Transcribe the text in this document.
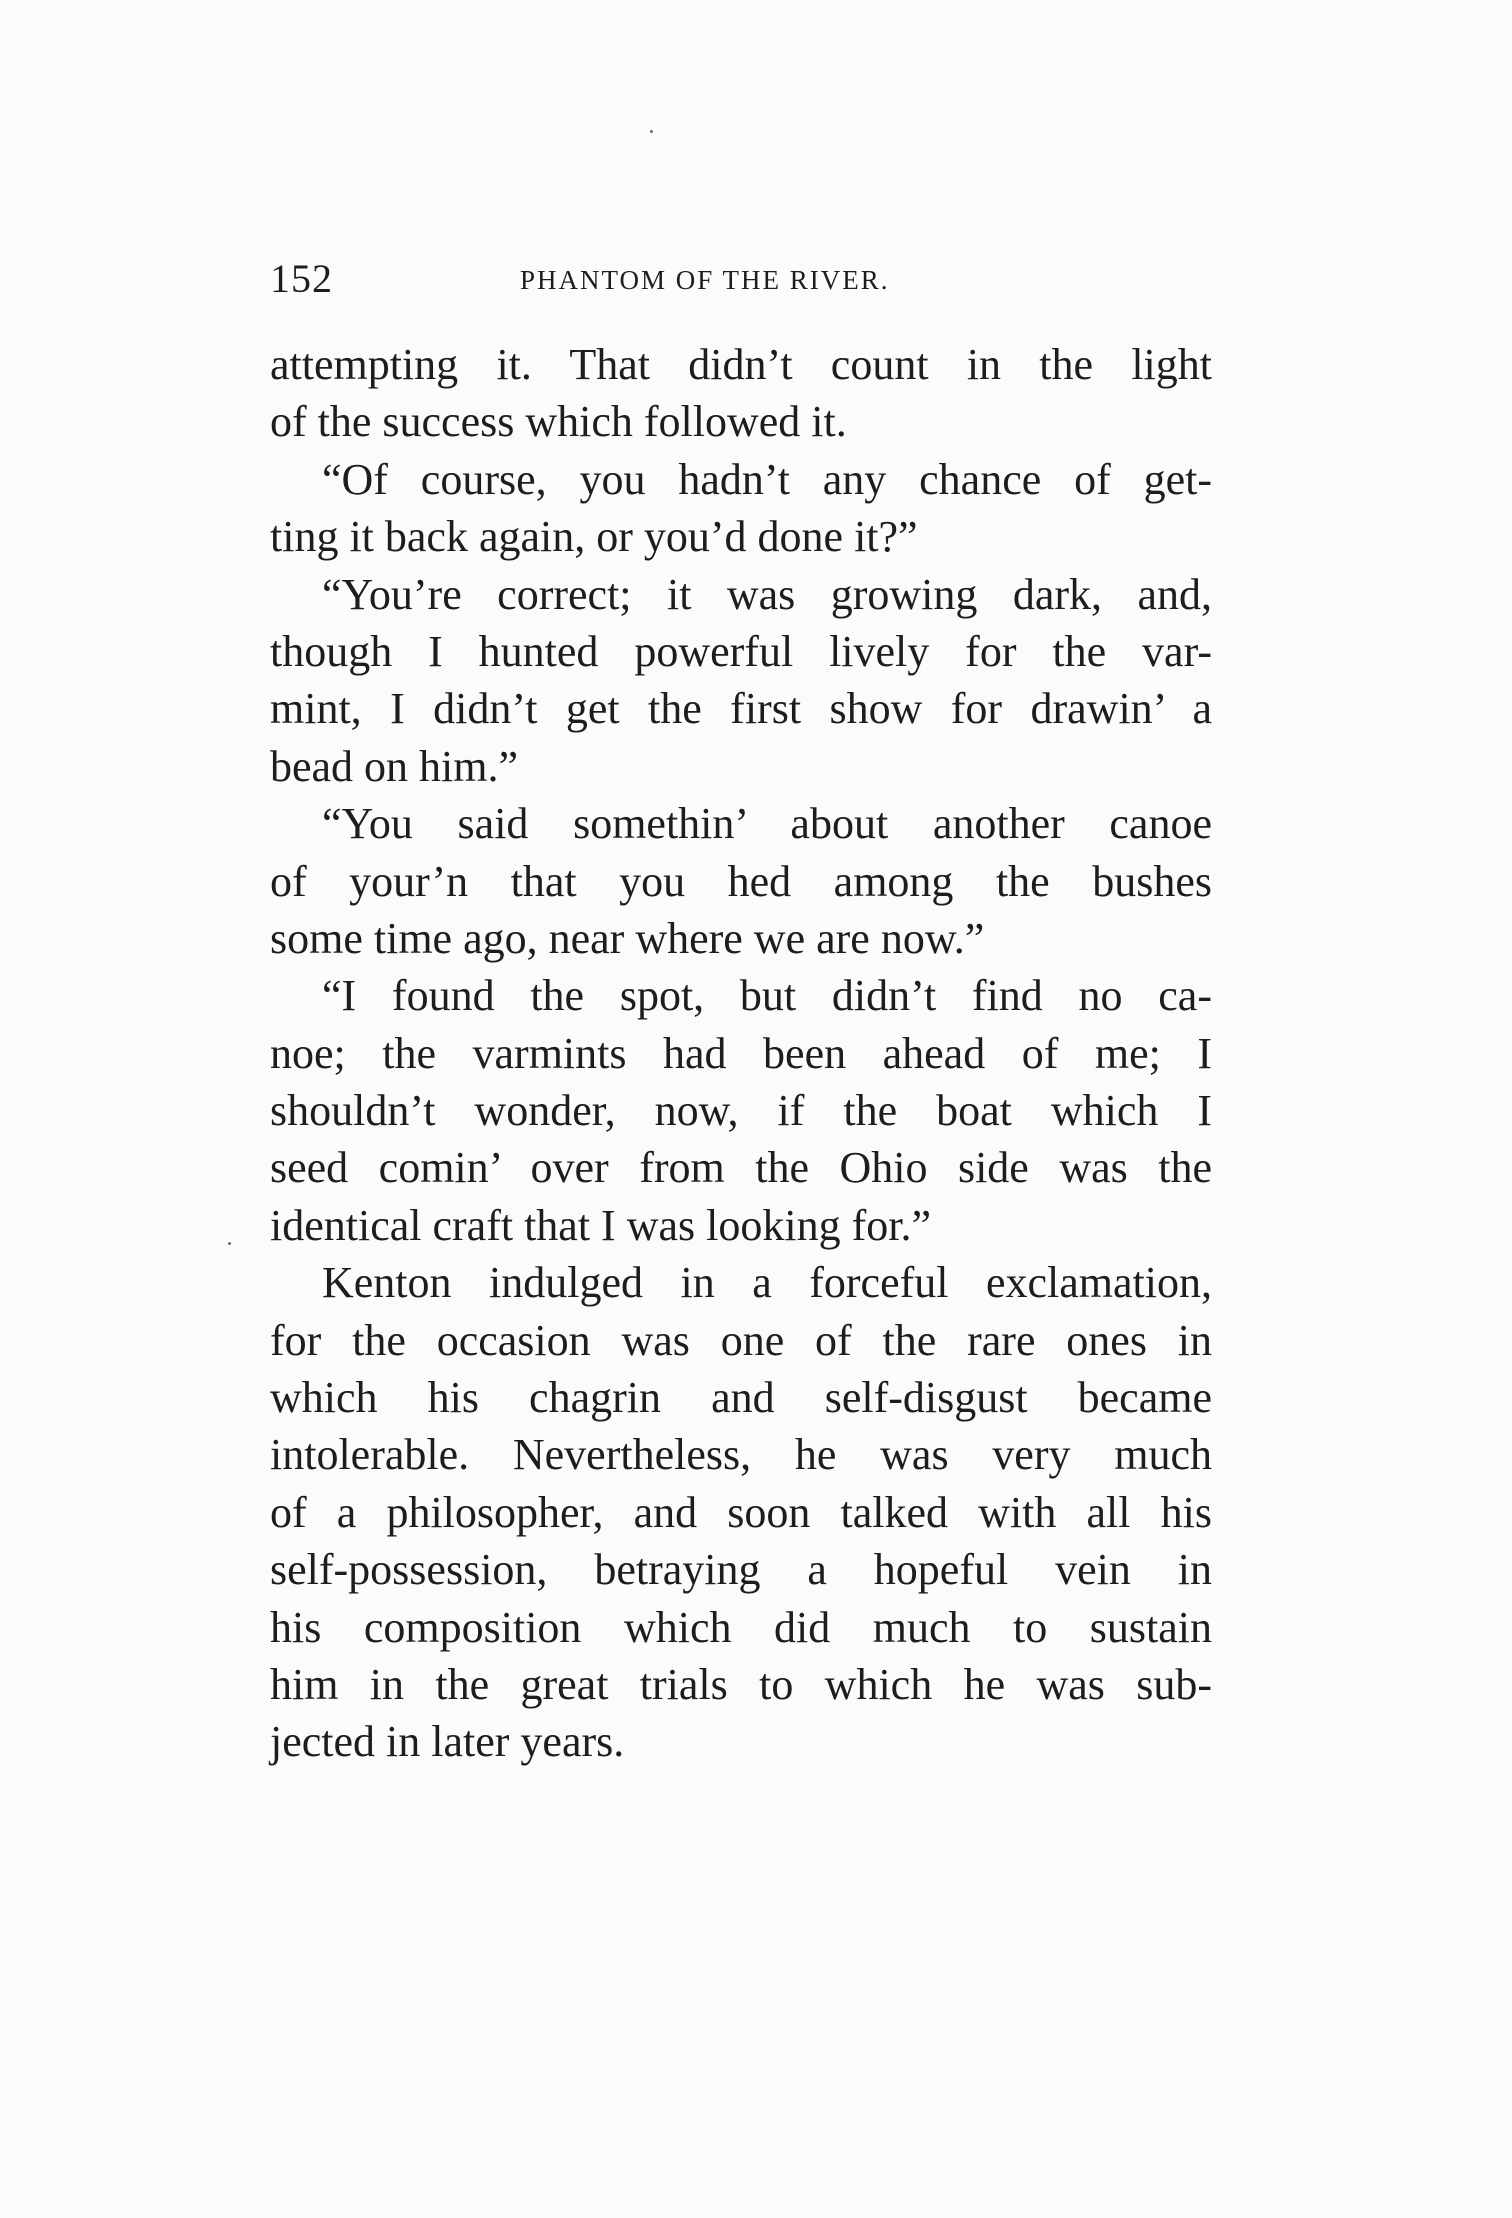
152	PHANTOM OF THE RIVER.
attempting it. That didn’t count in the light
of the success which followed it.
“Of course, you hadn’t any chance of get-
ting it back again, or you’d done it?”
“You’re correct; it was growing dark, and,
though I hunted powerful lively for the var-
mint, I didn’t get the first show for drawin’ a
bead on him.”
“You said somethin’ about another canoe
of your’n that you hed among the bushes
some time ago, near where we are now.”
“I found the spot, but didn’t find no ca-
noe; the varmints had been ahead of me; I
shouldn’t wonder, now, if the boat which I
seed comin’ over from the Ohio side was the
identical craft that I was looking for.”
Kenton indulged in a forceful exclamation,
for the occasion was one of the rare ones in
which his chagrin and self-disgust became
intolerable. Nevertheless, he was very much
of a philosopher, and soon talked with all his
self-possession, betraying a hopeful vein in
his composition which did much to sustain
him in the great trials to which he was sub-
jected in later years.
